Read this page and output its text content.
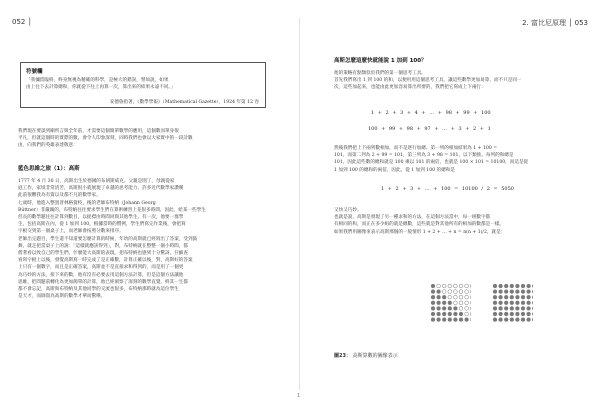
052 │
符號欄
「我彌留臨終，終身無視為精確的科學，是極大的錯誤，譬如說，如果
由上往下去計算總和，你就從下往上再算一次，算出來的結果永遠不同。」
安德魯指著，《數學學報》（Mathematical Gazette），1924 年第 12 卷
我們現在要談到剛所言與全年前，才需要這個簡單數學的應用，這個數而單身很
平凡，但就這個時的實際的數，會令人印象深刻，同時我們也會以大家實中的一段計數
由，向我們的英雄表達敬意：
藍色思維之旅（1）：高斯
1777 年 4 月 30 日，高斯出生於德國的布朗斯威克。父親是園丁，母親從家
庭工作，家境非常清苦，高斯很小就展現了卓越的思考能力，許多近代數學家讚嘆
此前很難我為有資以及都不凡的數學家。
七歲時，他進入整置普林格資校，後的老師布特納（Johann Georg
Büttner）非嚴厲的，布特納往往要求學生們在算術練習上花很多時間，因此，給某一些學生
但長的數學題往往計算到數目，以捉襟由時間同與其他學生，有一次，他要一群學
生，包括高斯在內，從 1 加到 100，根據當時的慣例，學生們寫完作業後，會把寫
字板交到第一個桌子上，而老師會按照分數來排序。
老師出完題目，學生還不知道要怎麼計算的時候，年幼的高斯就已經寫出了答案，受到鼓
舞，就走把當桌子上的說：「這樣就應該得到」，對，布特納就在整整一個小時間，都
僧著看以致自己的學生們，什麼能大高斯的表現，把布特納也感到十分驚訝，仔細查
看寫字板上以後，發覺高斯寫一時完成了是正確數，計算正確以後，對，高斯好的答案
上只有一個數字，而且是正確答案，高斯並不是直接求和得到的，而是用了一個更
為巧妙的方法，接下來的數，他有沒有必要去用這個方法計算，但是這個方法讓他
思維，把問題前轉化為更加簡單的計算，他已經洞察了深刻的數學直覺，終其一生都
都不會忘記，高斯與布特納及其他同學的交流也很多，布特納那時就為這位學生
是天才，而師資為高斯的數學才華而驚嘆。
2. 富比尼原理 │ 053
高斯怎麼這麼快就能說 1 加到 100？
他的策略有點類似於我們的第一個思考工具。
首先我們寫出 1 到 100 的和，以便用用這個思考工具，讓這些數學更加易算，而不只是同一
次，這些加起來，也能由此更加容易算出所要的，我們把它寫成上下兩行：
1 + 2 + 3 + 4 + … + 98 + 99 + 100
100 + 99 + 98 + 97 + … + 3 + 2 + 1
然後我們把上下兩列數相加，而不是逐行加總。第一列的相加結果為 1 + 100 =
101，而第二列為 2 + 99 = 101，第三列為 3 + 98 = 101，以下類推。每列的和總是
101，因此這些數的總和就是 100 乘以 101 的兩倍，也就是 100 × 101 = 10100，而這是從
1 加到 100 的總和的兩倍，因此，從 1 加到 100 的總和是
1 + 2 + 3 + … + 100 = 10100 / 2 = 5050
又快又巧妙。
也就是說，高斯是發現了另一種求和的方法，在這個方法當中，每一組數字都
有相同的和，而正在多少組的就是總數，這些就是對其他所有的相加的數都是一樣。
如果我們用圖像來表示高斯那個的一般情形 1 + 2 + … + n = n(n + 1)/2，就是：
圖23： 高斯算數的圖像表示
1
